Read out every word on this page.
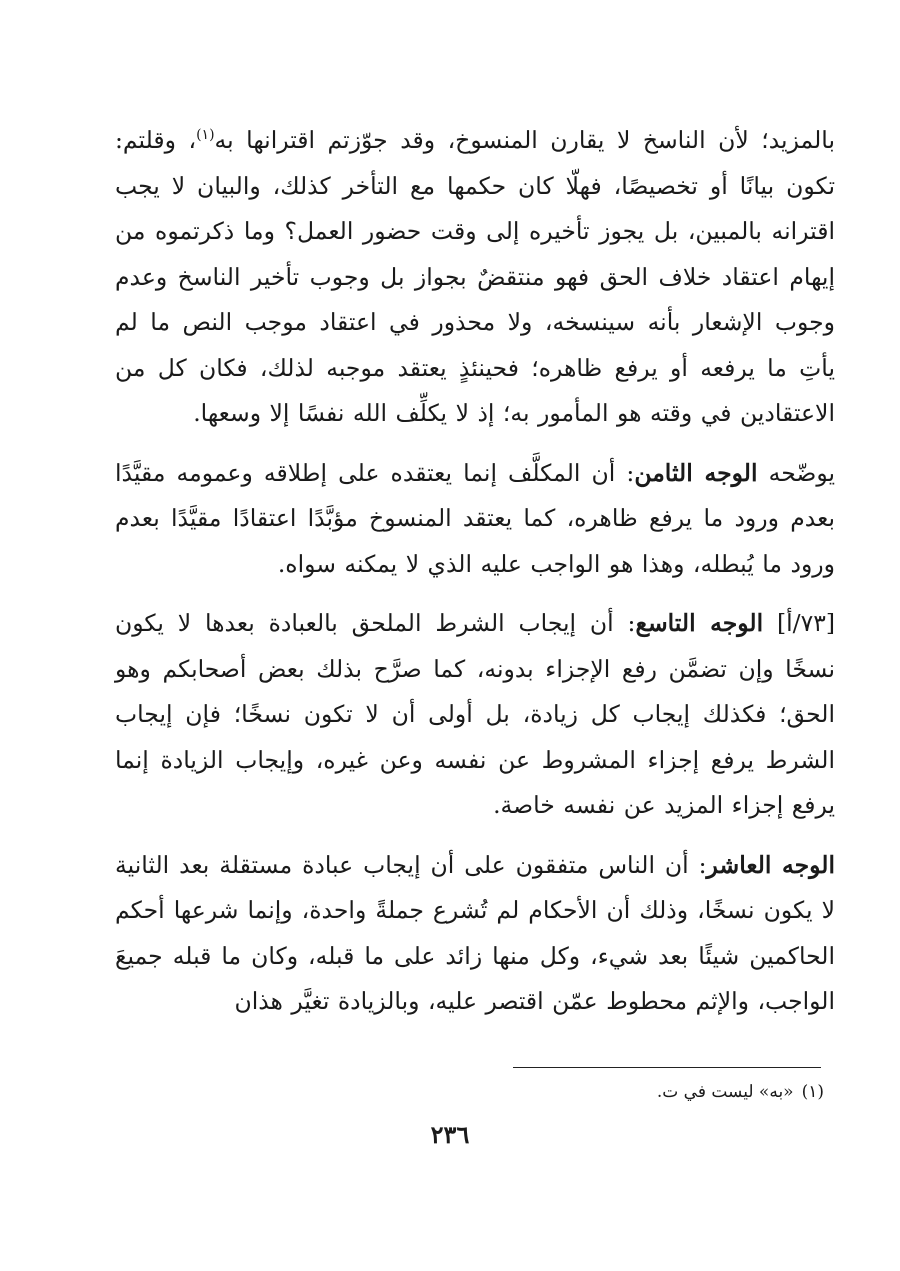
بالمزيد؛ لأن الناسخ لا يقارن المنسوخ، وقد جوّزتم اقترانها به$^{(١)}$، وقلتم: تكون بيانًا أو تخصيصًا، فهلّا كان حكمها مع التأخر كذلك، والبيان لا يجب اقترانه بالمبين، بل يجوز تأخيره إلى وقت حضور العمل؟ وما ذكرتموه من إيهام اعتقاد خلاف الحق فهو منتقضٌ بجواز بل وجوب تأخير الناسخ وعدم وجوب الإشعار بأنه سينسخه، ولا محذور في اعتقاد موجب النص ما لم يأتِ ما يرفعه أو يرفع ظاهره؛ فحينئذٍ يعتقد موجبه لذلك، فكان كل من الاعتقادين في وقته هو المأمور به؛ إذ لا يكلِّف الله نفسًا إلا وسعها.

يوضّحه الوجه الثامن: أن المكلَّف إنما يعتقده على إطلاقه وعمومه مقيَّدًا بعدم ورود ما يرفع ظاهره، كما يعتقد المنسوخ مؤبَّدًا اعتقادًا مقيَّدًا بعدم ورود ما يُبطله، وهذا هو الواجب عليه الذي لا يمكنه سواه.

[٧٣/أ] الوجه التاسع: أن إيجاب الشرط الملحق بالعبادة بعدها لا يكون نسخًا وإن تضمَّن رفع الإجزاء بدونه، كما صرَّح بذلك بعض أصحابكم وهو الحق؛ فكذلك إيجاب كل زيادة، بل أولى أن لا تكون نسخًا؛ فإن إيجاب الشرط يرفع إجزاء المشروط عن نفسه وعن غيره، وإيجاب الزيادة إنما يرفع إجزاء المزيد عن نفسه خاصة.

الوجه العاشر: أن الناس متفقون على أن إيجاب عبادة مستقلة بعد الثانية لا يكون نسخًا، وذلك أن الأحكام لم تُشرع جملةً واحدة، وإنما شرعها أحكم الحاكمين شيئًا بعد شيء، وكل منها زائد على ما قبله، وكان ما قبله جميعَ الواجب، والإثم محطوط عمّن اقتصر عليه، وبالزيادة تغيَّر هذان

(١)«به» ليست في ت.
٢٣٦
